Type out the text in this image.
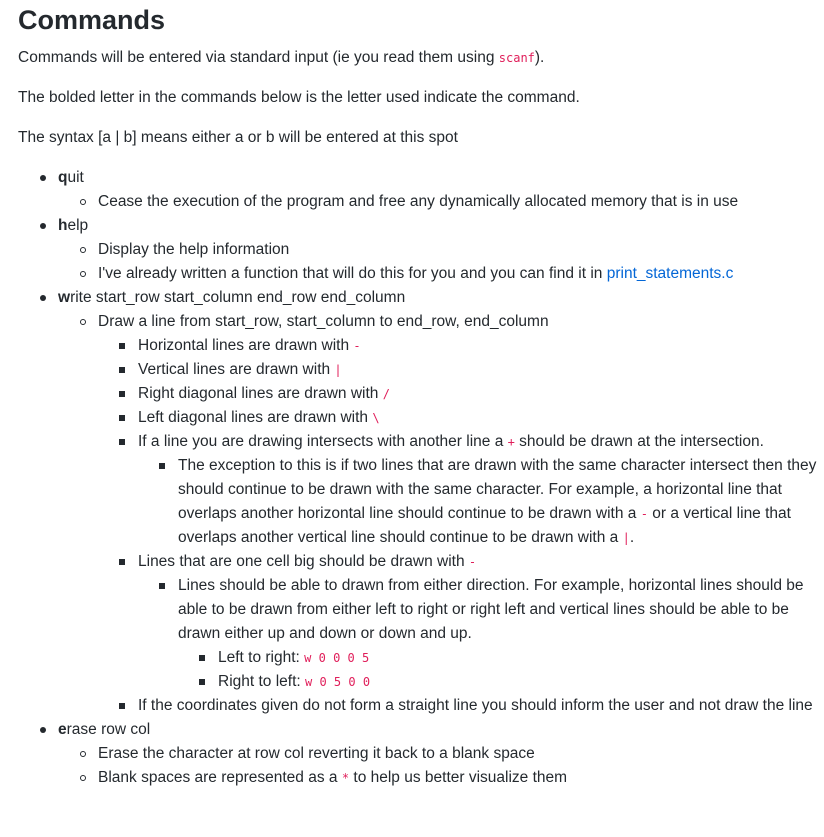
Commands

Commands will be entered via standard input (ie you read them using scanf).

The bolded letter in the commands below is the letter used indicate the command.

The syntax [a | b] means either a or b will be entered at this spot

quit
Cease the execution of the program and free any dynamically allocated memory that is in use
help
Display the help information
I've already written a function that will do this for you and you can find it in print_statements.c
write start_row start_column end_row end_column
Draw a line from start_row, start_column to end_row, end_column
Horizontal lines are drawn with -
Vertical lines are drawn with |
Right diagonal lines are drawn with /
Left diagonal lines are drawn with \
If a line you are drawing intersects with another line a + should be drawn at the intersection.
The exception to this is if two lines that are drawn with the same character intersect then they should continue to be drawn with the same character. For example, a horizontal line that overlaps another horizontal line should continue to be drawn with a - or a vertical line that overlaps another vertical line should continue to be drawn with a |.
Lines that are one cell big should be drawn with -
Lines should be able to drawn from either direction. For example, horizontal lines should be able to be drawn from either left to right or right left and vertical lines should be able to be drawn either up and down or down and up.
Left to right: w 0 0 0 5
Right to left: w 0 5 0 0
If the coordinates given do not form a straight line you should inform the user and not draw the line
erase row col
Erase the character at row col reverting it back to a blank space
Blank spaces are represented as a * to help us better visualize them
